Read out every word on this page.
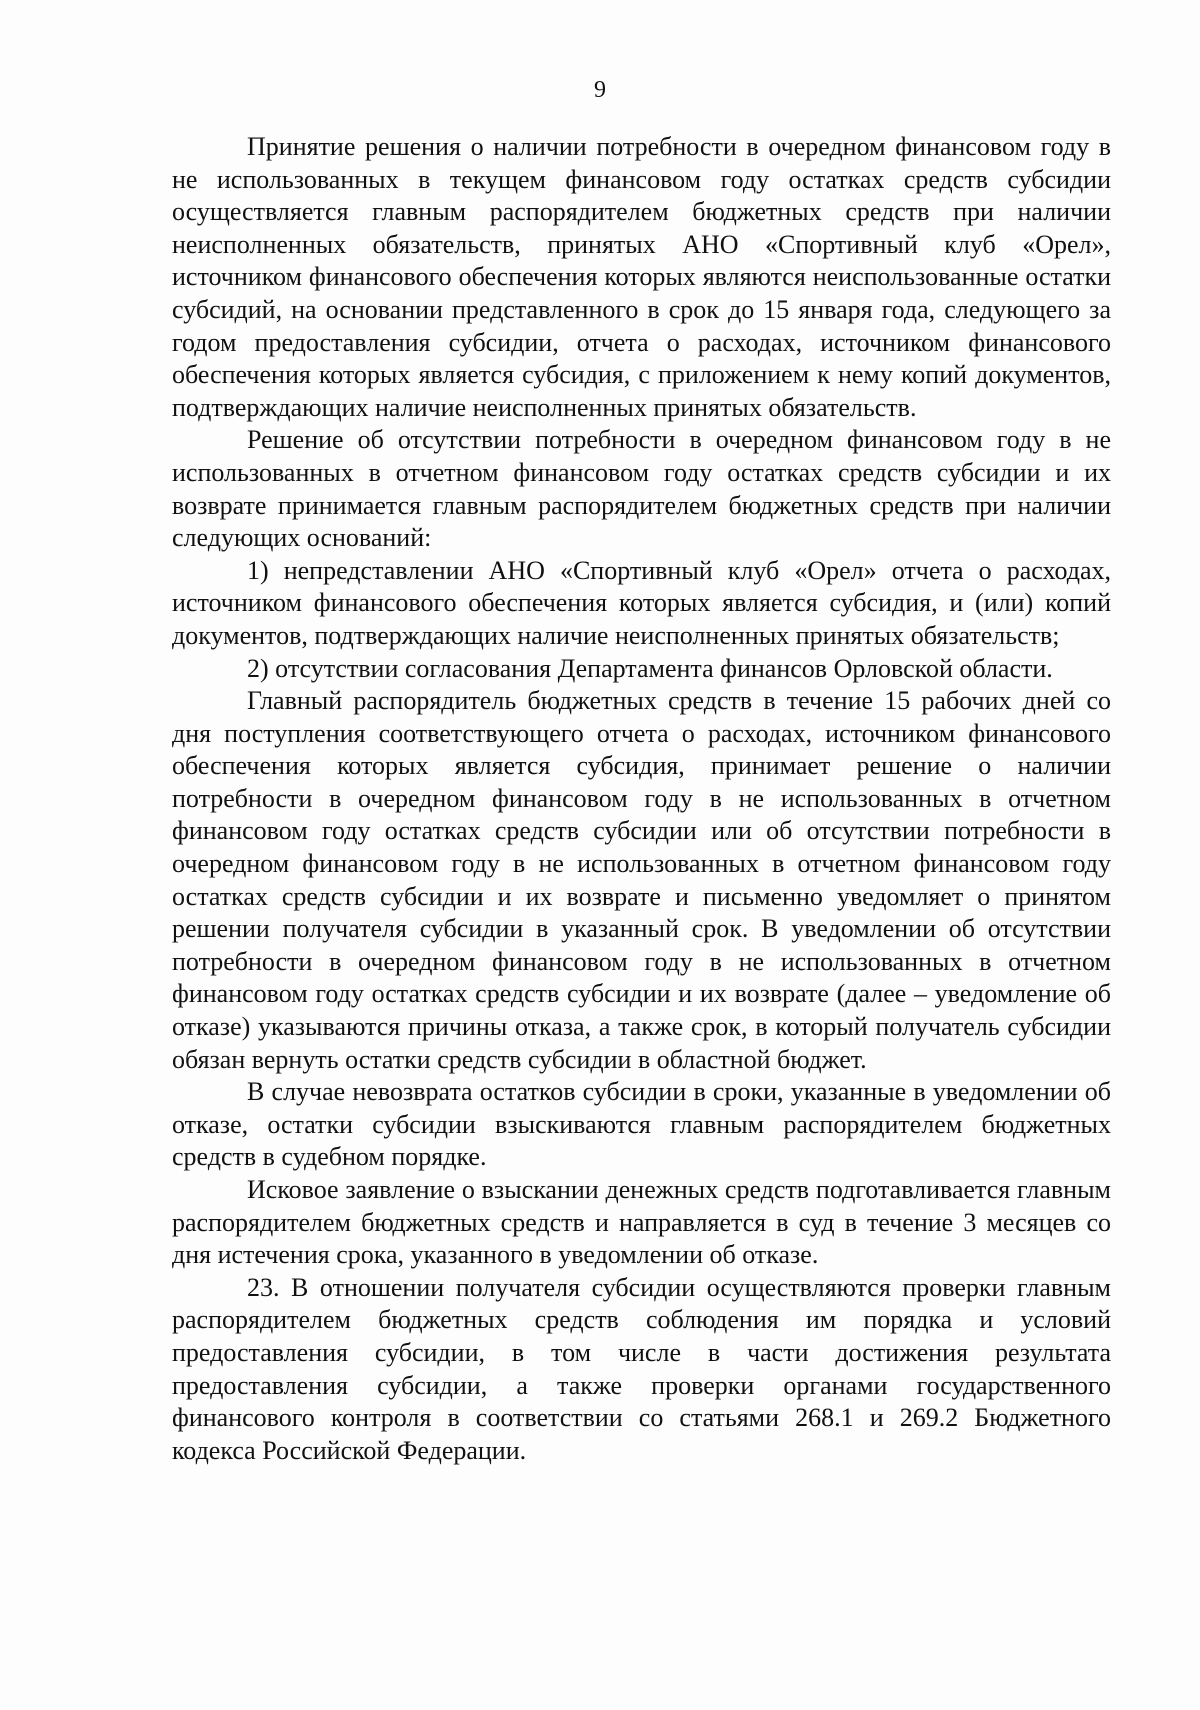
9

Принятие решения о наличии потребности в очередном финансовом году в не использованных в текущем финансовом году остатках средств субсидии осуществляется главным распорядителем бюджетных средств при наличии неисполненных обязательств, принятых АНО «Спортивный клуб «Орел», источником финансового обеспечения которых являются неиспользованные остатки субсидий, на основании представленного в срок до 15 января года, следующего за годом предоставления субсидии, отчета о расходах, источником финансового обеспечения которых является субсидия, с приложением к нему копий документов, подтверждающих наличие неисполненных принятых обязательств.

Решение об отсутствии потребности в очередном финансовом году в не использованных в отчетном финансовом году остатках средств субсидии и их возврате принимается главным распорядителем бюджетных средств при наличии следующих оснований:

1) непредставлении АНО «Спортивный клуб «Орел» отчета о расходах, источником финансового обеспечения которых является субсидия, и (или) копий документов, подтверждающих наличие неисполненных принятых обязательств;

2) отсутствии согласования Департамента финансов Орловской области.

Главный распорядитель бюджетных средств в течение 15 рабочих дней со дня поступления соответствующего отчета о расходах, источником финансового обеспечения которых является субсидия, принимает решение о наличии потребности в очередном финансовом году в не использованных в отчетном финансовом году остатках средств субсидии или об отсутствии потребности в очередном финансовом году в не использованных в отчетном финансовом году остатках средств субсидии и их возврате и письменно уведомляет о принятом решении получателя субсидии в указанный срок. В уведомлении об отсутствии потребности в очередном финансовом году в не использованных в отчетном финансовом году остатках средств субсидии и их возврате (далее – уведомление об отказе) указываются причины отказа, а также срок, в который получатель субсидии обязан вернуть остатки средств субсидии в областной бюджет.

В случае невозврата остатков субсидии в сроки, указанные в уведомлении об отказе, остатки субсидии взыскиваются главным распорядителем бюджетных средств в судебном порядке.

Исковое заявление о взыскании денежных средств подготавливается главным распорядителем бюджетных средств и направляется в суд в течение 3 месяцев со дня истечения срока, указанного в уведомлении об отказе.

23. В отношении получателя субсидии осуществляются проверки главным распорядителем бюджетных средств соблюдения им порядка и условий предоставления субсидии, в том числе в части достижения результата предоставления субсидии, а также проверки органами государственного финансового контроля в соответствии со статьями 268.1 и 269.2 Бюджетного кодекса Российской Федерации.
